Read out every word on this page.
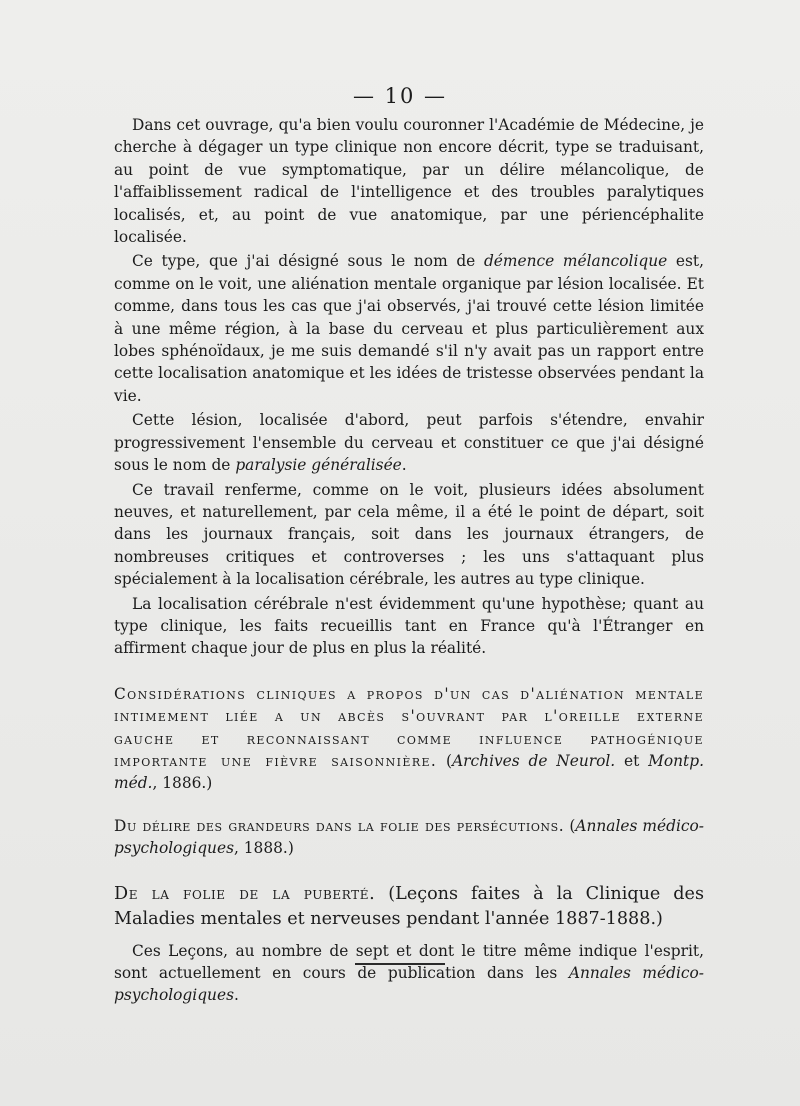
— 10 —

Dans cet ouvrage, qu'a bien voulu couronner l'Académie de Médecine, je cherche à dégager un type clinique non encore décrit, type se traduisant, au point de vue symptomatique, par un délire mélancolique, de l'affaiblissement radical de l'intelligence et des troubles paralytiques localisés, et, au point de vue anatomique, par une périencéphalite localisée.

Ce type, que j'ai désigné sous le nom de démence mélancolique est, comme on le voit, une aliénation mentale organique par lésion localisée. Et comme, dans tous les cas que j'ai observés, j'ai trouvé cette lésion limitée à une même région, à la base du cerveau et plus particulièrement aux lobes sphénoïdaux, je me suis demandé s'il n'y avait pas un rapport entre cette localisation anatomique et les idées de tristesse observées pendant la vie.

Cette lésion, localisée d'abord, peut parfois s'étendre, envahir progressivement l'ensemble du cerveau et constituer ce que j'ai désigné sous le nom de paralysie généralisée.

Ce travail renferme, comme on le voit, plusieurs idées absolument neuves, et naturellement, par cela même, il a été le point de départ, soit dans les journaux français, soit dans les journaux étrangers, de nombreuses critiques et controverses ; les uns s'attaquant plus spécialement à la localisation cérébrale, les autres au type clinique.

La localisation cérébrale n'est évidemment qu'une hypothèse; quant au type clinique, les faits recueillis tant en France qu'à l'Étranger en affirment chaque jour de plus en plus la réalité.

Considérations cliniques a propos d'un cas d'aliénation mentale intimement liée a un abcès s'ouvrant par l'oreille externe gauche et reconnaissant comme influence pathogénique importante une fièvre saisonnière. (Archives de Neurol. et Montp. méd., 1886.)

Du délire des grandeurs dans la folie des persécutions. (Annales médico-psychologiques, 1888.)

De la folie de la puberté. (Leçons faites à la Clinique des Maladies mentales et nerveuses pendant l'année 1887-1888.)

Ces Leçons, au nombre de sept et dont le titre même indique l'esprit, sont actuellement en cours de publication dans les Annales médico-psychologiques.
